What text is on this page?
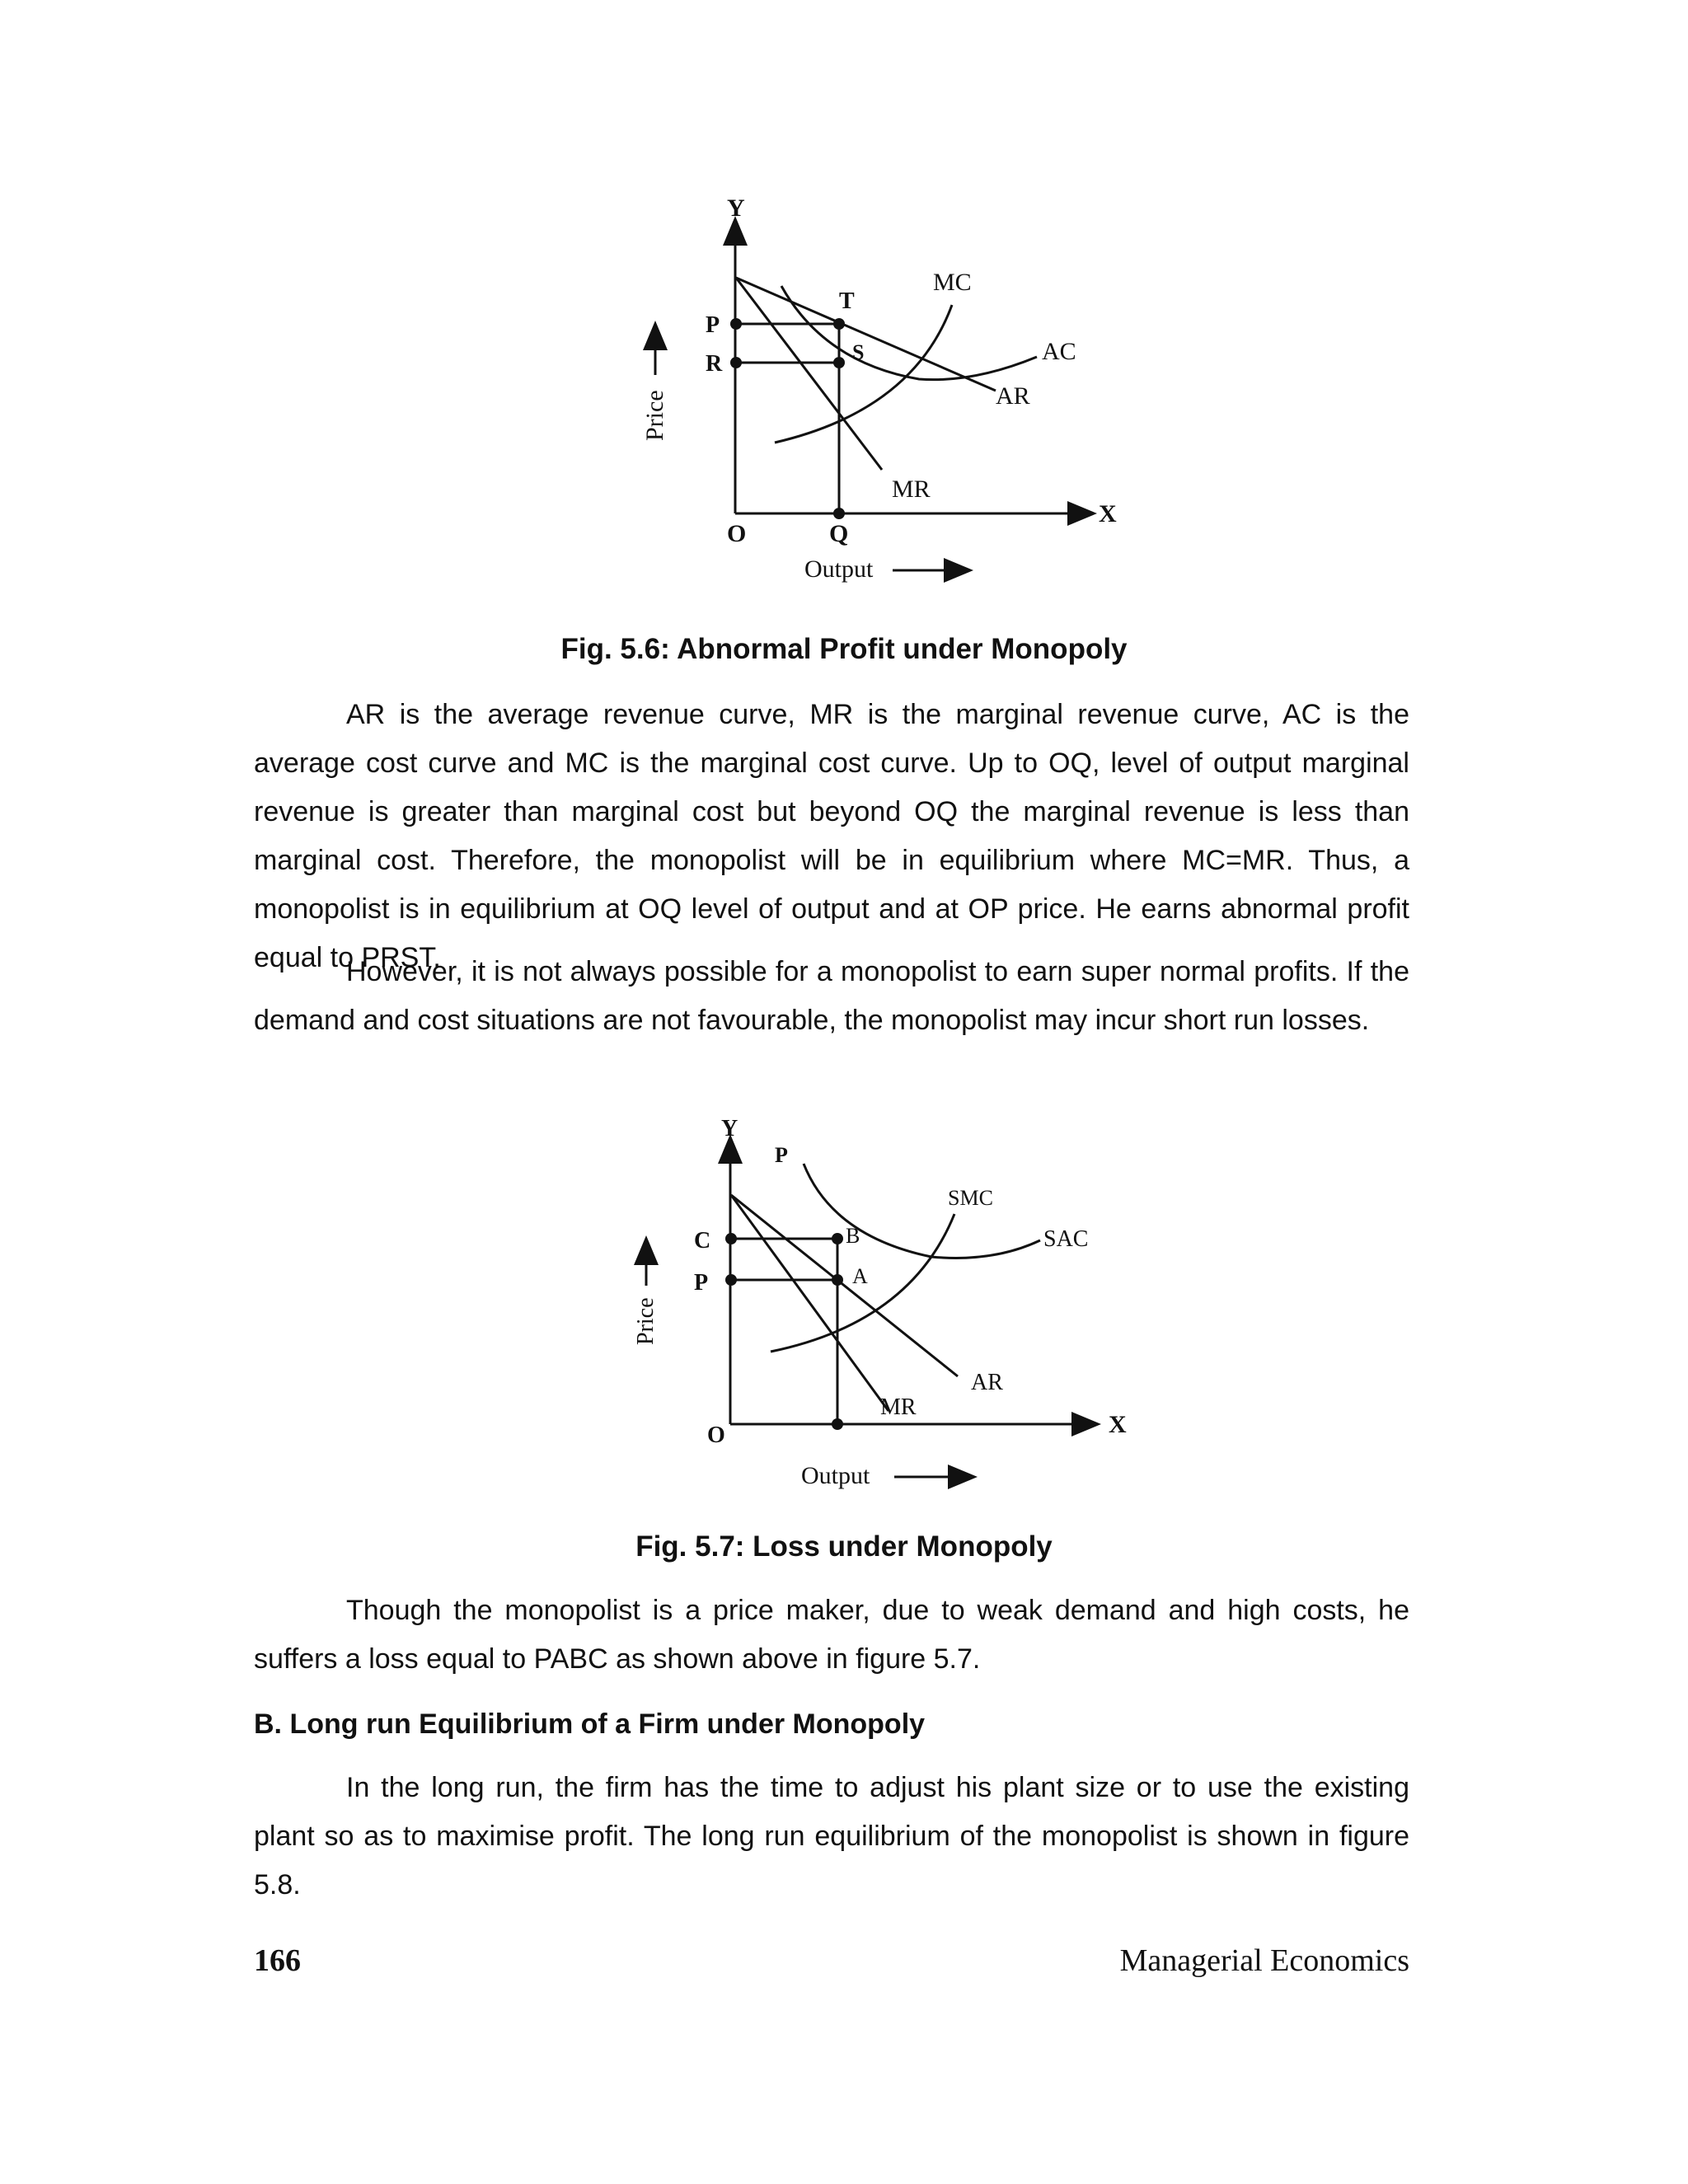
Y
X
O	Q
P
R
T
S
MC
AC
AR
MR
Output
Price

Fig. 5.6: Abnormal Profit under Monopoly

AR is the average revenue curve, MR is the marginal revenue curve, AC is the average cost curve and MC is the marginal cost curve. Up to OQ, level of output marginal revenue is greater than marginal cost but beyond OQ the marginal revenue is less than marginal cost. Therefore, the monopolist will be in equilibrium where MC=MR. Thus, a monopolist is in equilibrium at OQ level of output and at OP price. He earns abnormal profit equal to PRST.

However, it is not always possible for a monopolist to earn super normal profits. If the demand and cost situations are not favourable, the monopolist may incur short run losses.

Y
X
O
P
C
P
B
A
SMC
SAC
AR
MR
Output
Price

Fig. 5.7: Loss under Monopoly

Though the monopolist is a price maker, due to weak demand and high costs, he suffers a loss equal to PABC as shown above in figure 5.7.

B. Long run Equilibrium of a Firm under Monopoly

In the long run, the firm has the time to adjust his plant size or to use the existing plant so as to maximise profit. The long run equilibrium of the monopolist is shown in figure 5.8.

166	Managerial Economics
